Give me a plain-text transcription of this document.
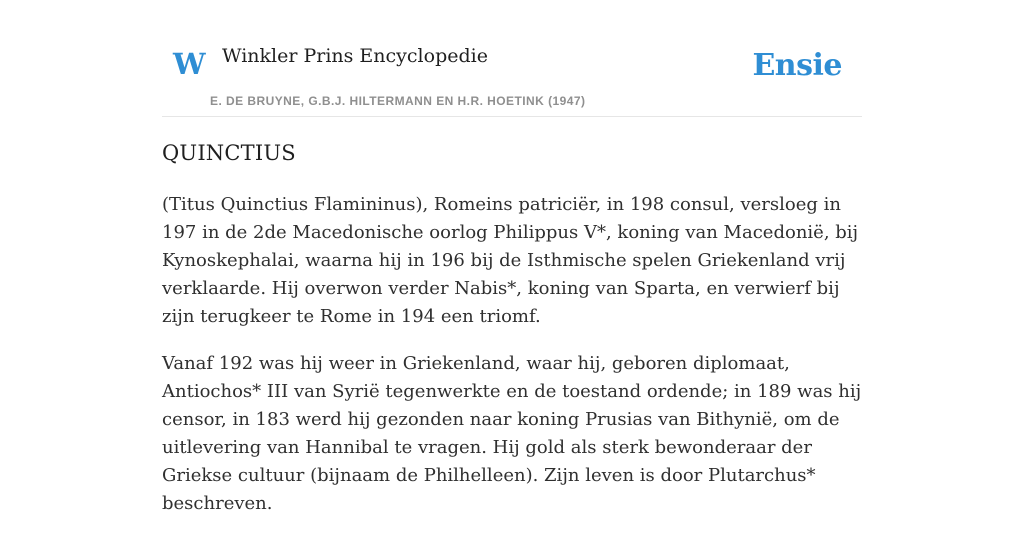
W Winkler Prins Encyclopedie
E. DE BRUYNE, G.B.J. HILTERMANN EN H.R. HOETINK (1947)
Ensie
QUINCTIUS

(Titus Quinctius Flamininus), Romeins patriciër, in 198 consul, versloeg in 197 in de 2de Macedonische oorlog Philippus V*, koning van Macedonië, bij Kynoskephalai, waarna hij in 196 bij de Isthmische spelen Griekenland vrij verklaarde. Hij overwon verder Nabis*, koning van Sparta, en verwierf bij zijn terugkeer te Rome in 194 een triomf.

Vanaf 192 was hij weer in Griekenland, waar hij, geboren diplomaat, Antiochos* III van Syrië tegenwerkte en de toestand ordende; in 189 was hij censor, in 183 werd hij gezonden naar koning Prusias van Bithynië, om de uitlevering van Hannibal te vragen. Hij gold als sterk bewonderaar der Griekse cultuur (bijnaam de Philhelleen). Zijn leven is door Plutarchus* beschreven.
